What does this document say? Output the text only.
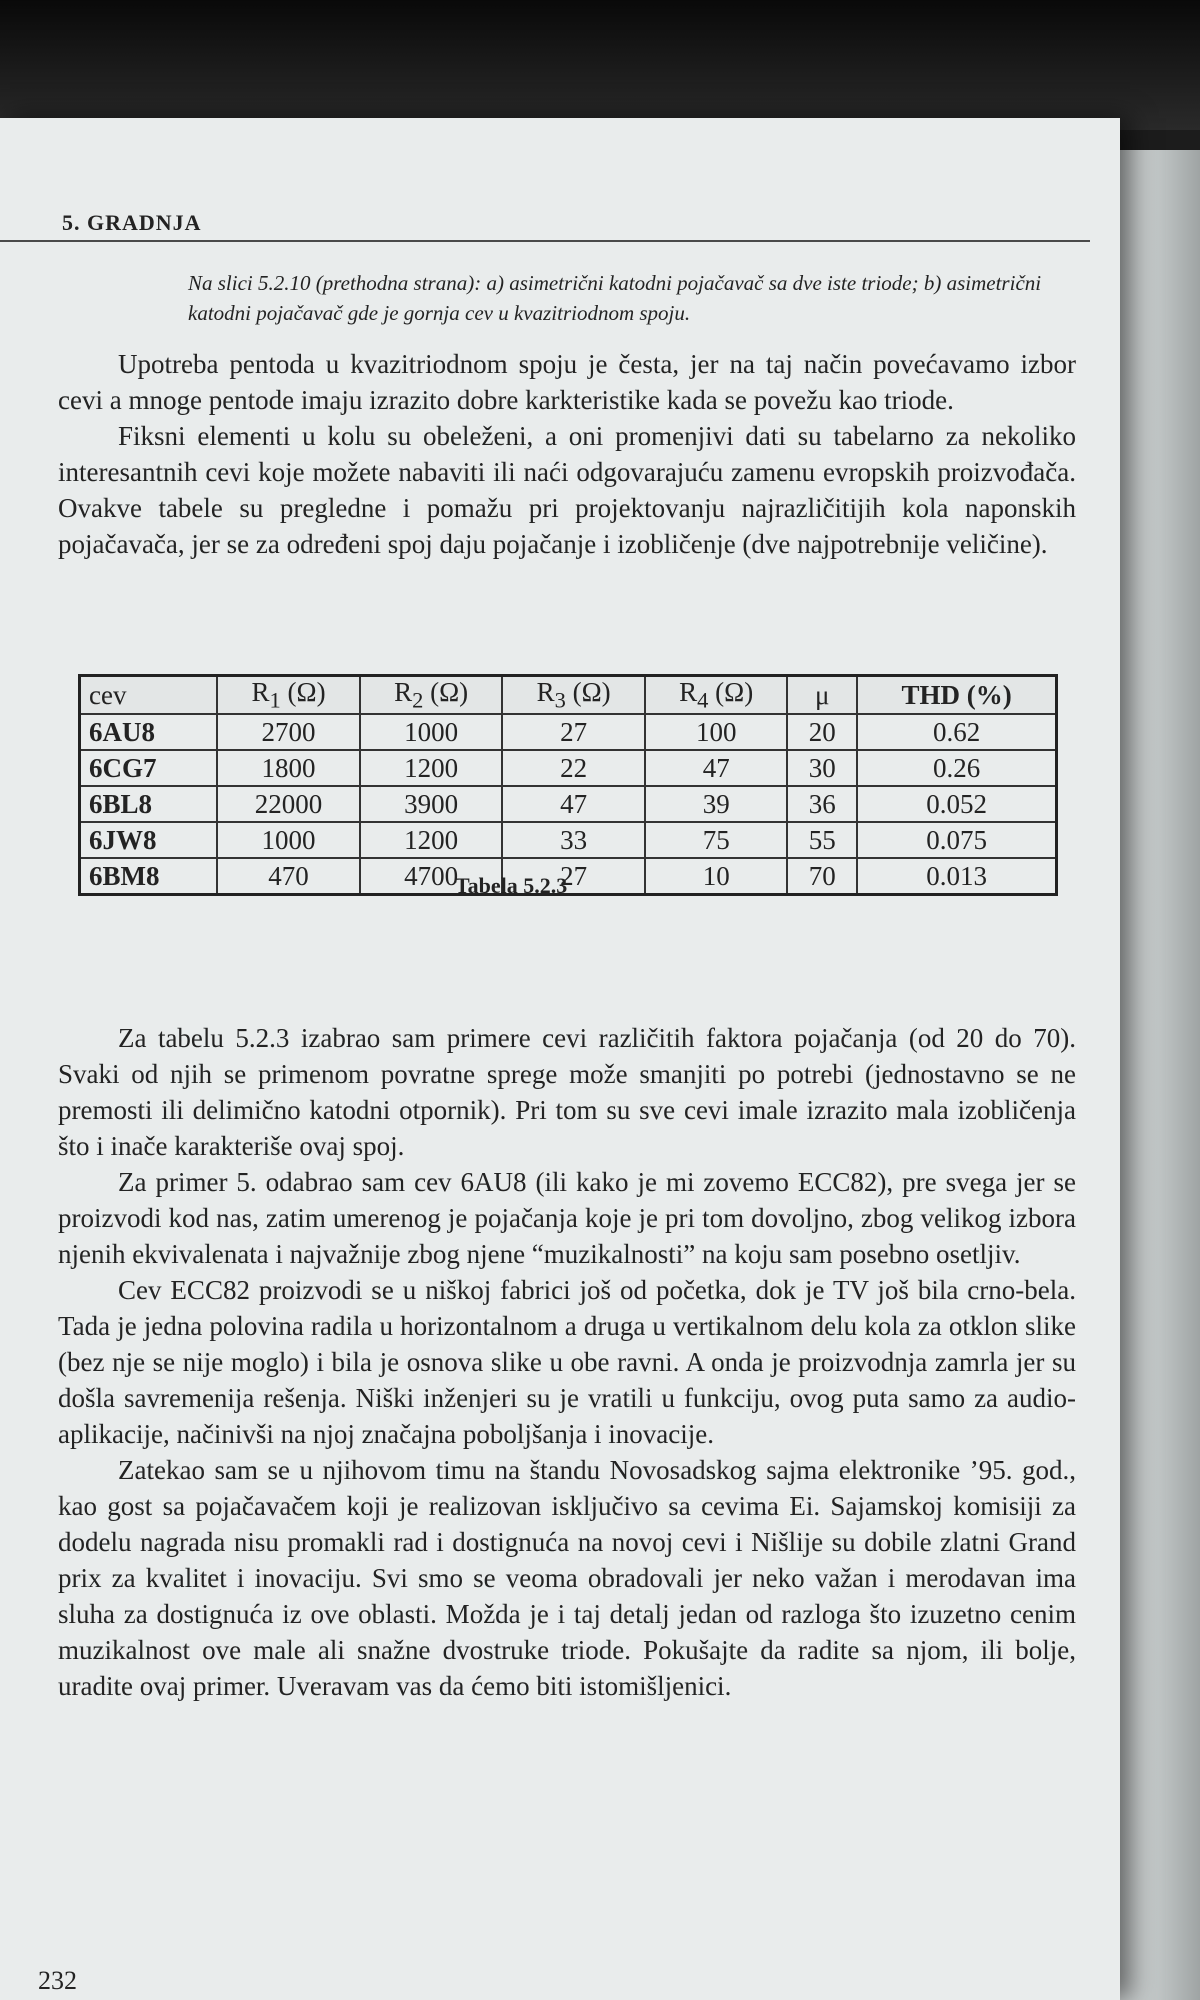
5. GRADNJA
Na slici 5.2.10 (prethodna strana): a) asimetrični katodni pojačavač sa dve iste triode; b) asimetrični katodni pojačavač gde je gornja cev u kvazitriodnom spoju.

Upotreba pentoda u kvazitriodnom spoju je česta, jer na taj način povećavamo izbor cevi a mnoge pentode imaju izrazito dobre karkteristike kada se povežu kao triode.

Fiksni elementi u kolu su obeleženi, a oni promenjivi dati su tabelarno za nekoliko interesantnih cevi koje možete nabaviti ili naći odgovarajuću zamenu evropskih proizvođača. Ovakve tabele su pregledne i pomažu pri projektovanju najrazličitijih kola naponskih pojačavača, jer se za određeni spoj daju pojačanje i izobličenje (dve najpotrebnije veličine).

cev	$R_1$ (Ω)	$R_2$ (Ω)	$R_3$ (Ω)	$R_4$ (Ω)	μ	THD (%)
6AU8	2700	1000	27	100	20	0.62
6CG7	1800	1200	22	47	30	0.26
6BL8	22000	3900	47	39	36	0.052
6JW8	1000	1200	33	75	55	0.075
6BM8	470	4700	27	10	70	0.013
Tabela 5.2.3

Za tabelu 5.2.3 izabrao sam primere cevi različitih faktora pojačanja (od 20 do 70). Svaki od njih se primenom povratne sprege može smanjiti po potrebi (jednostavno se ne premosti ili delimično katodni otpornik). Pri tom su sve cevi imale izrazito mala izobličenja što i inače karakteriše ovaj spoj.

Za primer 5. odabrao sam cev 6AU8 (ili kako je mi zovemo ECC82), pre svega jer se proizvodi kod nas, zatim umerenog je pojačanja koje je pri tom dovoljno, zbog velikog izbora njenih ekvivalenata i najvažnije zbog njene “muzikalnosti” na koju sam posebno osetljiv.

Cev ECC82 proizvodi se u niškoj fabrici još od početka, dok je TV još bila crno-bela. Tada je jedna polovina radila u horizontalnom a druga u vertikalnom delu kola za otklon slike (bez nje se nije moglo) i bila je osnova slike u obe ravni. A onda je proizvodnja zamrla jer su došla savremenija rešenja. Niški inženjeri su je vratili u funkciju, ovog puta samo za audio-aplikacije, načinivši na njoj značajna poboljšanja i inovacije.

Zatekao sam se u njihovom timu na štandu Novosadskog sajma elektronike ’95. god., kao gost sa pojačavačem koji je realizovan isključivo sa cevima Ei. Sajamskoj komisiji za dodelu nagrada nisu promakli rad i dostignuća na novoj cevi i Nišlije su dobile zlatni Grand prix za kvalitet i inovaciju. Svi smo se veoma obradovali jer neko važan i merodavan ima sluha za dostignuća iz ove oblasti. Možda je i taj detalj jedan od razloga što izuzetno cenim muzikalnost ove male ali snažne dvostruke triode. Pokušajte da radite sa njom, ili bolje, uradite ovaj primer. Uveravam vas da ćemo biti istomišljenici.

232
